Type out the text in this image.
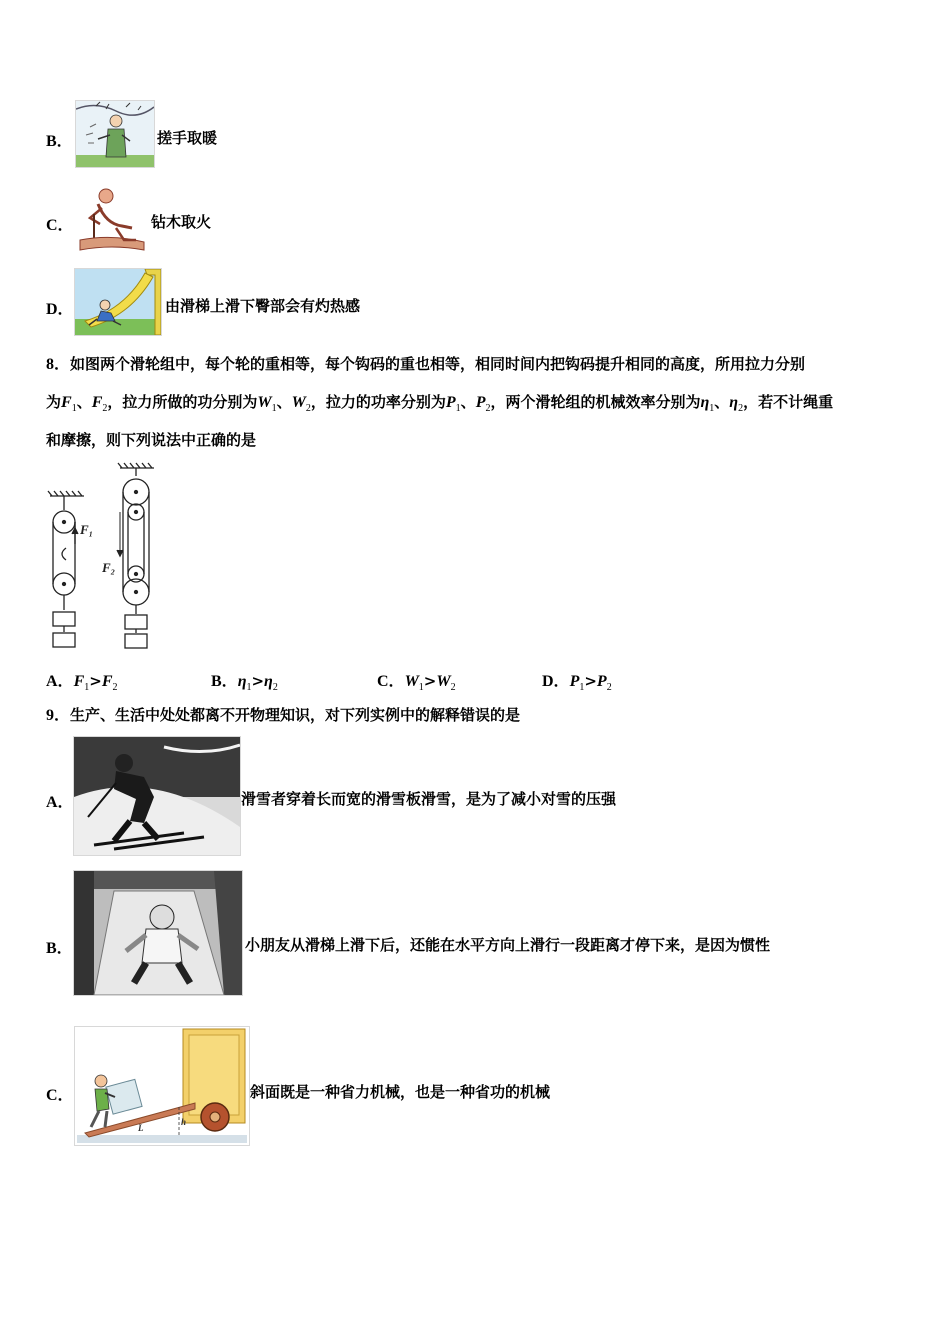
B．	搓手取暖
C．	钻木取火
D．	由滑梯上滑下臀部会有灼热感
8．如图两个滑轮组中，每个轮的重相等，每个钩码的重也相等，相同时间内把钩码提升相同的高度，所用拉力分别
为$F_1$、$F_2$，拉力所做的功分别为$W_1$、$W_2$，拉力的功率分别为$P_1$、$P_2$，两个滑轮组的机械效率分别为$\eta_1$、$\eta_2$，若不计绳重
和摩擦，则下列说法中正确的是
F₁
F₂
A．$F_1>F_2$	B．$\eta_1>\eta_2$	C．$W_1>W_2$	D．$P_1>P_2$
9．生产、生活中处处都离不开物理知识，对下列实例中的解释错误的是
A．	滑雪者穿着长而宽的滑雪板滑雪，是为了减小对雪的压强
B．	小朋友从滑梯上滑下后，还能在水平方向上滑行一段距离才停下来，是因为惯性
C．
L
h
斜面既是一种省力机械，也是一种省功的机械
